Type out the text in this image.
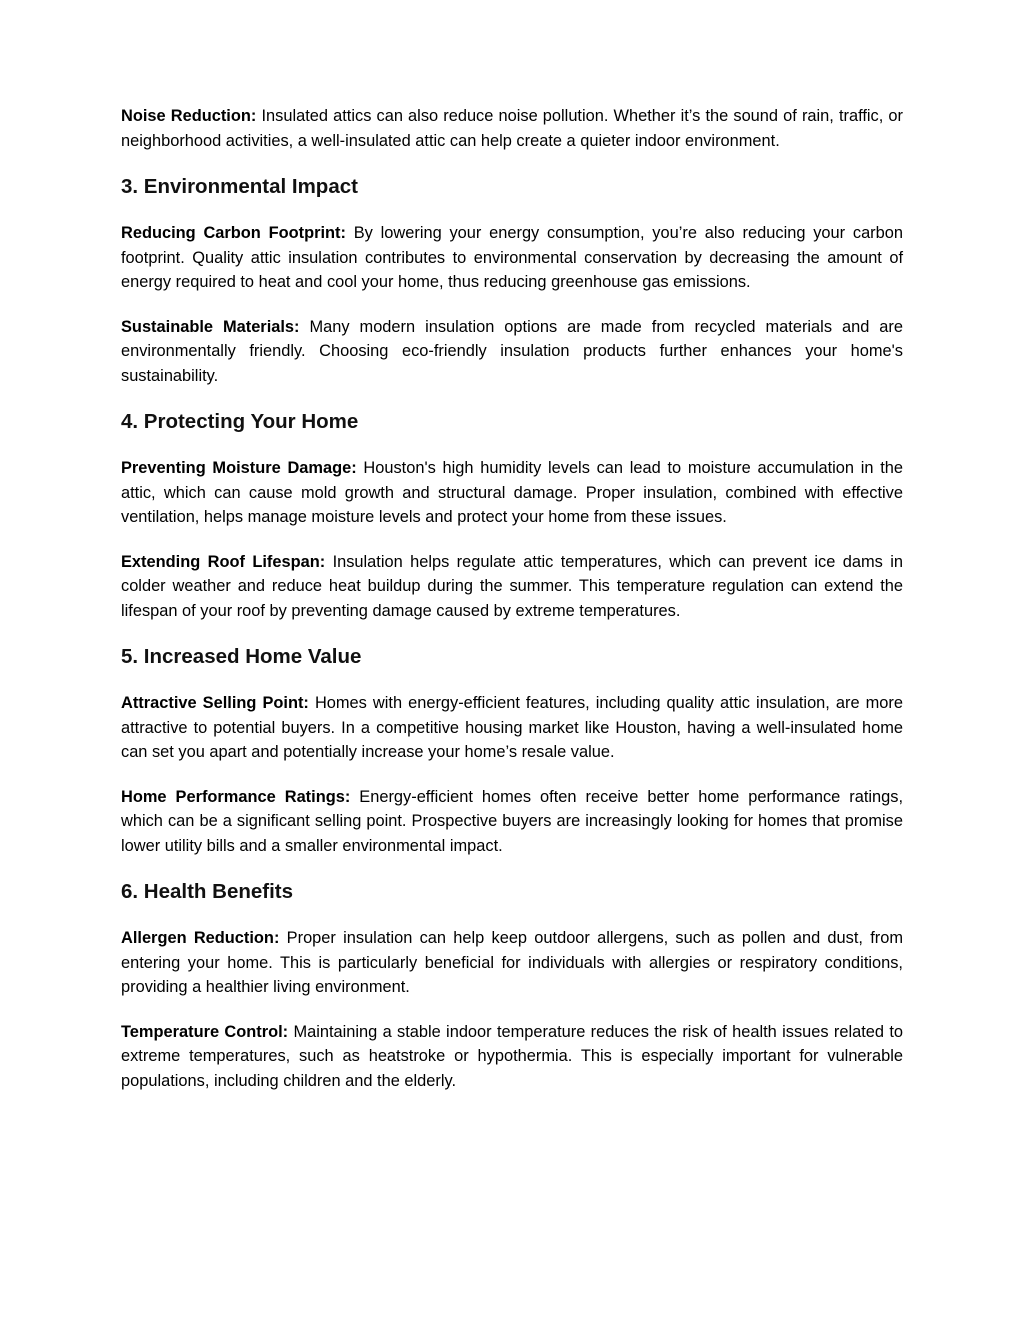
Noise Reduction: Insulated attics can also reduce noise pollution. Whether it’s the sound of rain, traffic, or neighborhood activities, a well-insulated attic can help create a quieter indoor environment.

3. Environmental Impact

Reducing Carbon Footprint: By lowering your energy consumption, you’re also reducing your carbon footprint. Quality attic insulation contributes to environmental conservation by decreasing the amount of energy required to heat and cool your home, thus reducing greenhouse gas emissions.

Sustainable Materials: Many modern insulation options are made from recycled materials and are environmentally friendly. Choosing eco-friendly insulation products further enhances your home's sustainability.

4. Protecting Your Home

Preventing Moisture Damage: Houston's high humidity levels can lead to moisture accumulation in the attic, which can cause mold growth and structural damage. Proper insulation, combined with effective ventilation, helps manage moisture levels and protect your home from these issues.

Extending Roof Lifespan: Insulation helps regulate attic temperatures, which can prevent ice dams in colder weather and reduce heat buildup during the summer. This temperature regulation can extend the lifespan of your roof by preventing damage caused by extreme temperatures.

5. Increased Home Value

Attractive Selling Point: Homes with energy-efficient features, including quality attic insulation, are more attractive to potential buyers. In a competitive housing market like Houston, having a well-insulated home can set you apart and potentially increase your home’s resale value.

Home Performance Ratings: Energy-efficient homes often receive better home performance ratings, which can be a significant selling point. Prospective buyers are increasingly looking for homes that promise lower utility bills and a smaller environmental impact.

6. Health Benefits

Allergen Reduction: Proper insulation can help keep outdoor allergens, such as pollen and dust, from entering your home. This is particularly beneficial for individuals with allergies or respiratory conditions, providing a healthier living environment.

Temperature Control: Maintaining a stable indoor temperature reduces the risk of health issues related to extreme temperatures, such as heatstroke or hypothermia. This is especially important for vulnerable populations, including children and the elderly.
